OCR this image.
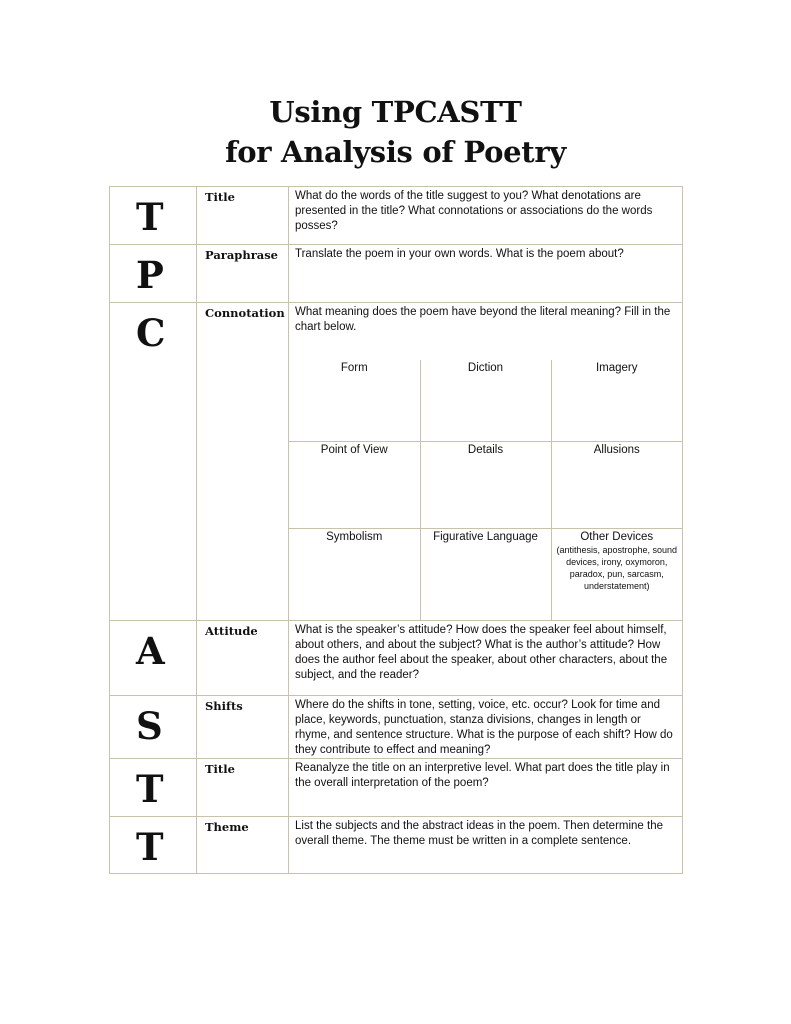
Using TPCASTT
for Analysis of Poetry
T	Title	What do the words of the title suggest to you? What denotations are presented in the title? What connotations or associations do the words posses?

P	Paraphrase	Translate the poem in your own words. What is the poem about?

C	Connotation	What meaning does the poem have beyond the literal meaning? Fill in the chart below.
Form	Diction	Imagery
Point of View	Details	Allusions
Symbolism	Figurative Language	Other Devices
(antithesis, apostrophe, sound devices, irony, oxymoron, paradox, pun, sarcasm, understatement)

A	Attitude	What is the speaker’s attitude? How does the speaker feel about himself, about others, and about the subject? What is the author’s attitude? How does the author feel about the speaker, about other characters, about the subject, and the reader?

S	Shifts	Where do the shifts in tone, setting, voice, etc. occur? Look for time and place, keywords, punctuation, stanza divisions, changes in length or rhyme, and sentence structure. What is the purpose of each shift? How do they contribute to effect and meaning?

T	Title	Reanalyze the title on an interpretive level. What part does the title play in the overall interpretation of the poem?

T	Theme	List the subjects and the abstract ideas in the poem. Then determine the overall theme. The theme must be written in a complete sentence.
